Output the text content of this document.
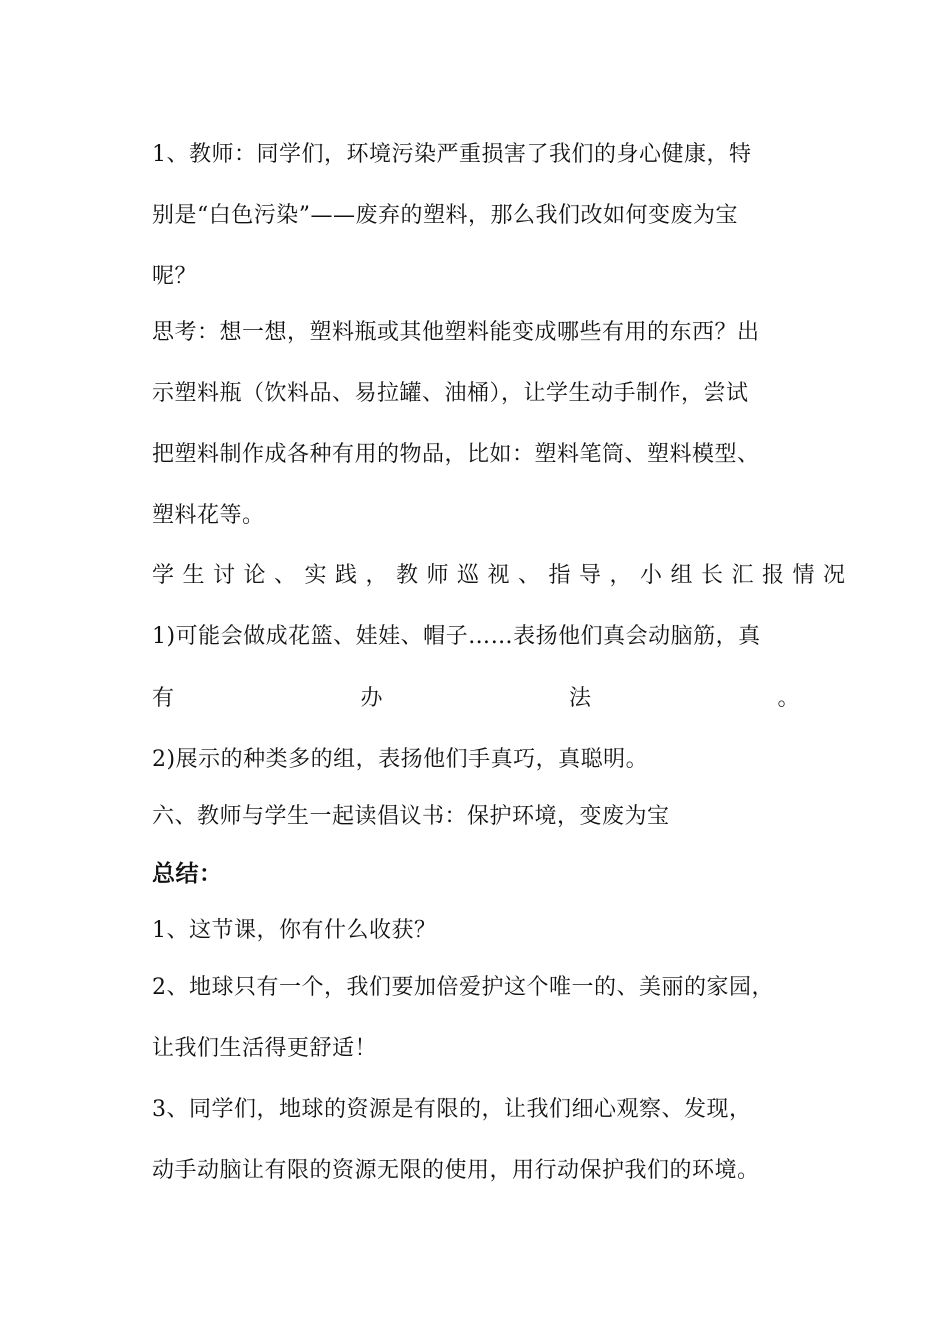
1、教师：同学们，环境污染严重损害了我们的身心健康，特
别是“白色污染”——废弃的塑料，那么我们改如何变废为宝
呢？
思考：想一想，塑料瓶或其他塑料能变成哪些有用的东西？出
示塑料瓶（饮料品、易拉罐、油桶），让学生动手制作，尝试
把塑料制作成各种有用的物品，比如：塑料笔筒、塑料模型、
塑料花等。
学生讨论、实践，教师巡视、指导，小组长汇报情况
1)可能会做成花篮、娃娃、帽子……表扬他们真会动脑筋，真
有	办	法	。
2)展示的种类多的组，表扬他们手真巧，真聪明。
六、教师与学生一起读倡议书：保护环境，变废为宝
总结：
1、这节课，你有什么收获？
2、地球只有一个，我们要加倍爱护这个唯一的、美丽的家园，
让我们生活得更舒适！
3、同学们，地球的资源是有限的，让我们细心观察、发现，
动手动脑让有限的资源无限的使用，用行动保护我们的环境。
